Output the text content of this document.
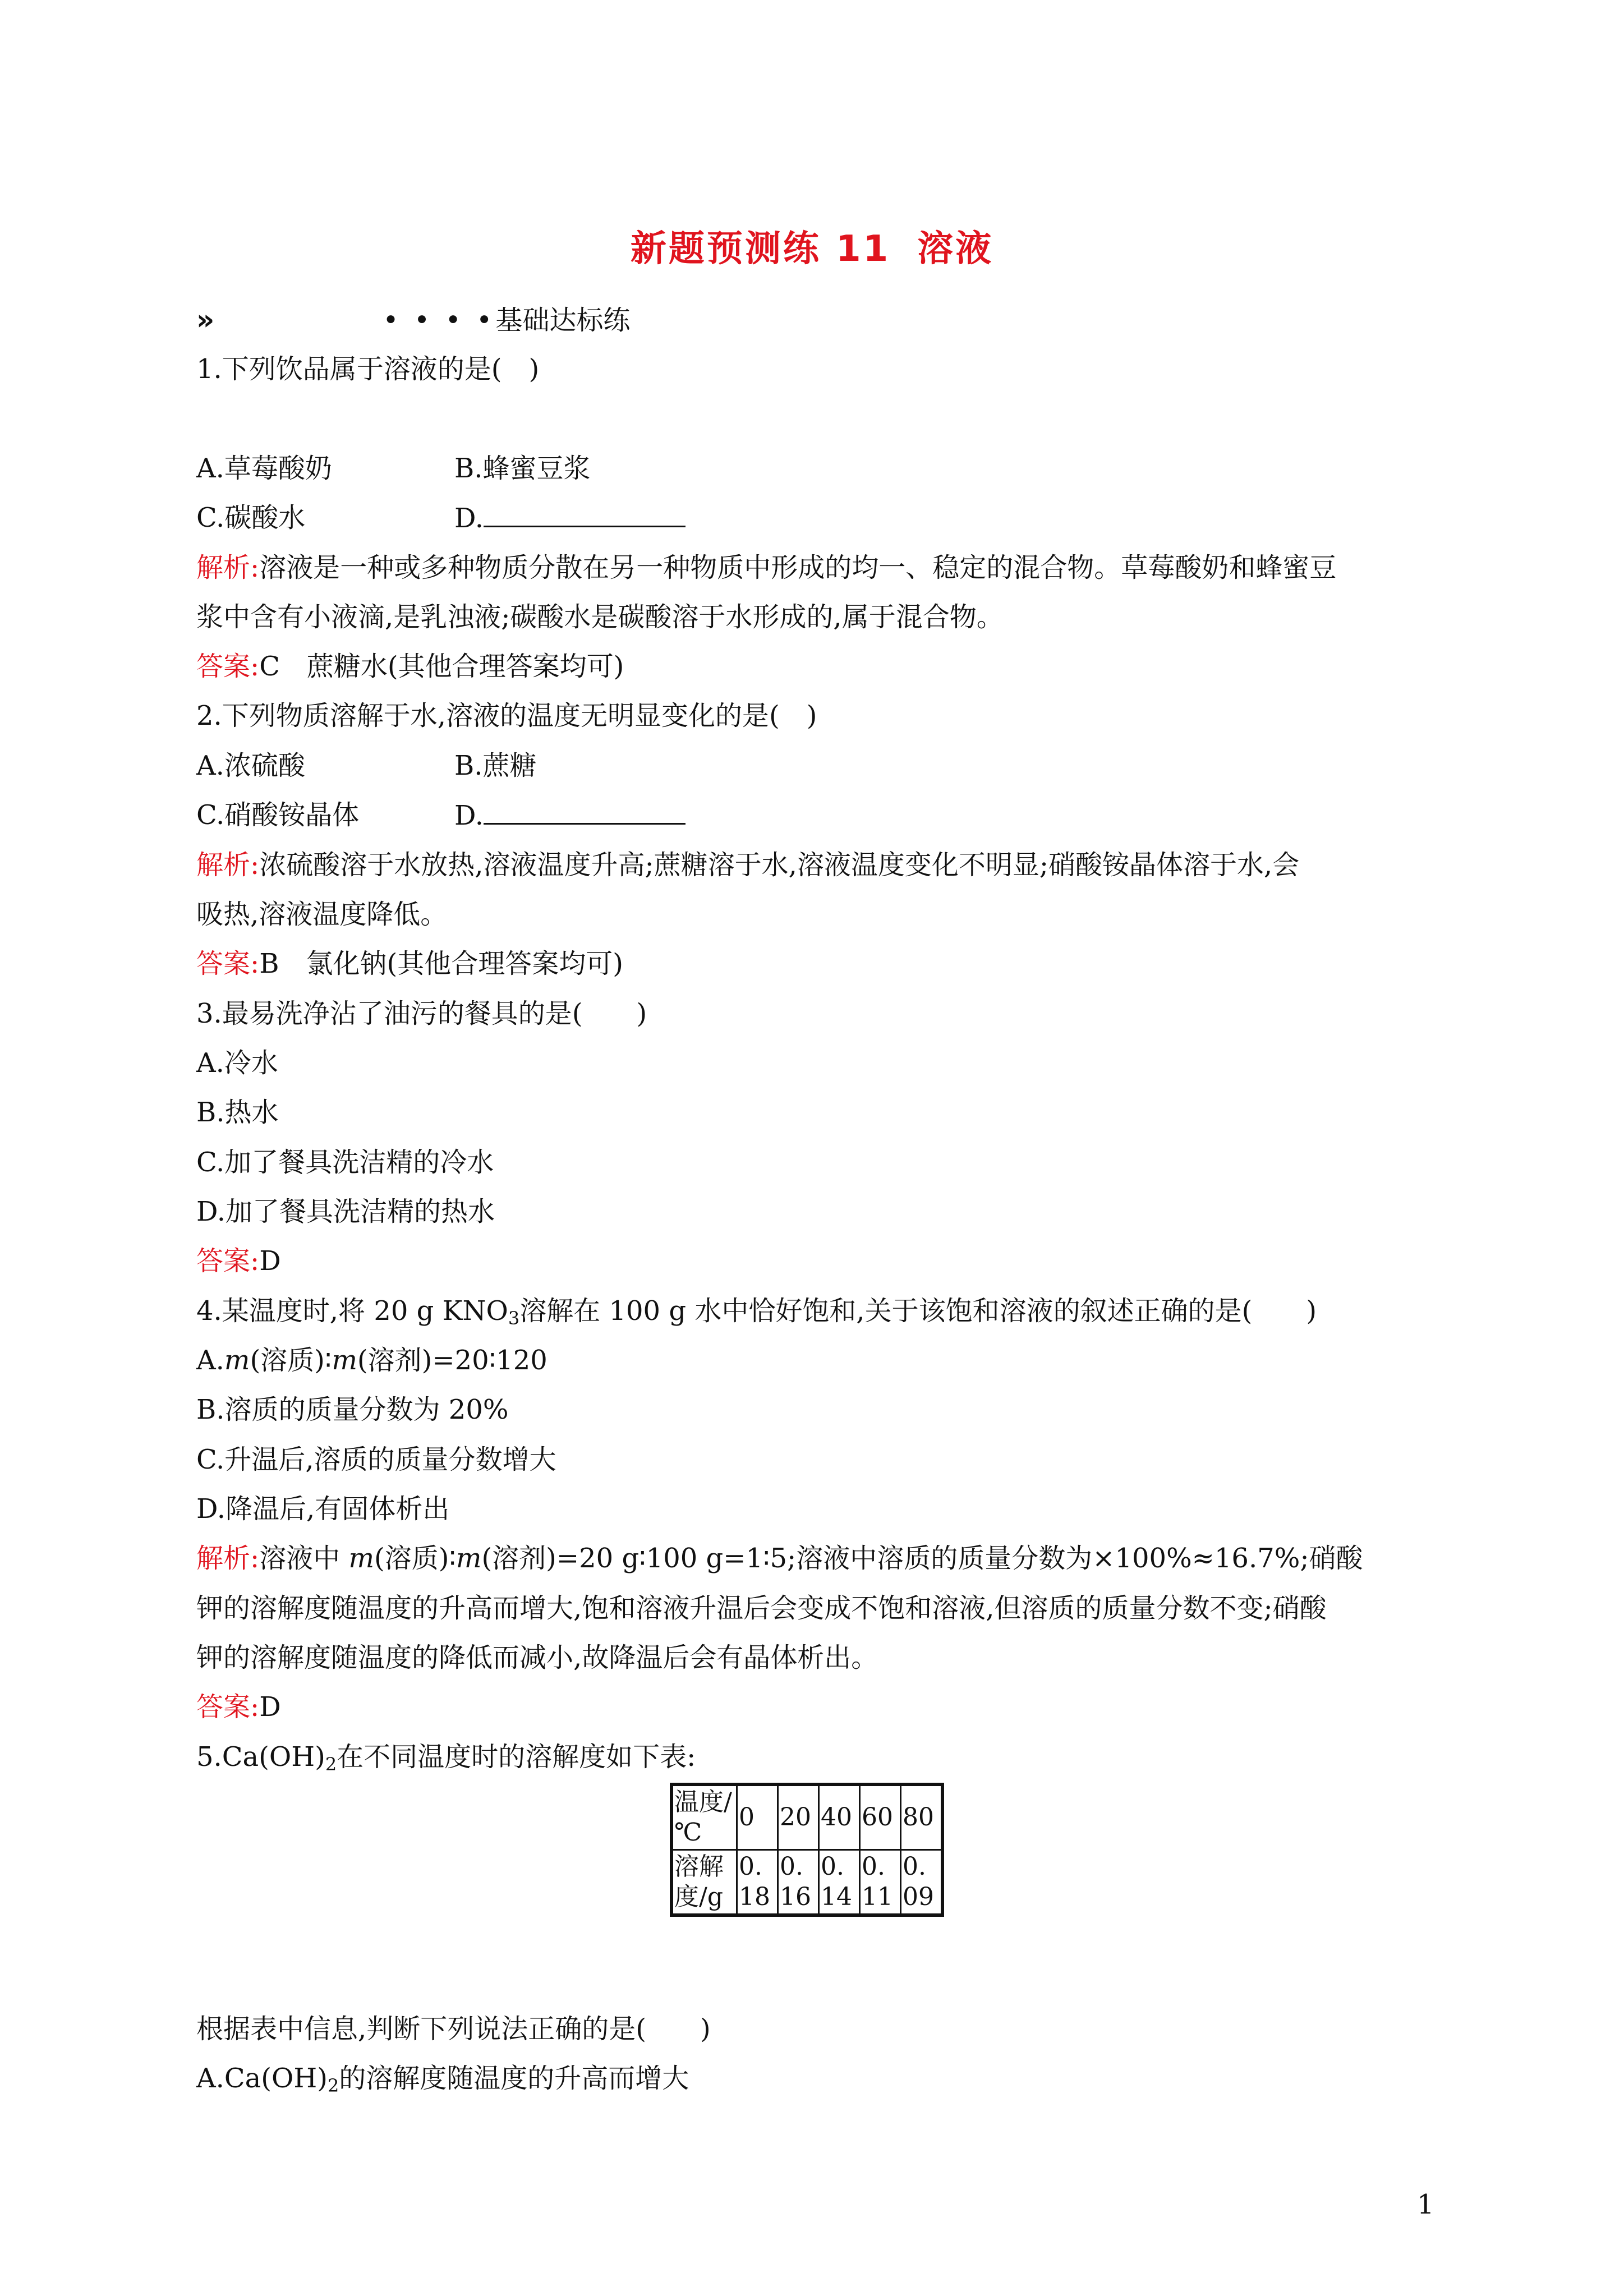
新题预测练 11 溶液
»	• • • •基础达标练
1.下列饮品属于溶液的是(　)
A.草莓酸奶	B.蜂蜜豆浆
C.碳酸水	D.
解析:溶液是一种或多种物质分散在另一种物质中形成的均一、稳定的混合物。草莓酸奶和蜂蜜豆
浆中含有小液滴,是乳浊液;碳酸水是碳酸溶于水形成的,属于混合物。
答案:C　蔗糖水(其他合理答案均可)
2.下列物质溶解于水,溶液的温度无明显变化的是(　)
A.浓硫酸	B.蔗糖
C.硝酸铵晶体	D.
解析:浓硫酸溶于水放热,溶液温度升高;蔗糖溶于水,溶液温度变化不明显;硝酸铵晶体溶于水,会
吸热,溶液温度降低。
答案:B　氯化钠(其他合理答案均可)
3.最易洗净沾了油污的餐具的是(　　)
A.冷水
B.热水
C.加了餐具洗洁精的冷水
D.加了餐具洗洁精的热水
答案:D
4.某温度时,将 20 g $KNO_3$溶解在 100 g 水中恰好饱和,关于该饱和溶液的叙述正确的是(　　)
A.m(溶质)∶m(溶剂)=20∶120
B.溶质的质量分数为 20%
C.升温后,溶质的质量分数增大
D.降温后,有固体析出
解析:溶液中 m(溶质)∶m(溶剂)=20 g∶100 g=1∶5;溶液中溶质的质量分数为×100%≈16.7%;硝酸
钾的溶解度随温度的升高而增大,饱和溶液升温后会变成不饱和溶液,但溶质的质量分数不变;硝酸
钾的溶解度随温度的降低而减小,故降温后会有晶体析出。
答案:D
$5.Ca(OH)_2$在不同温度时的溶解度如下表:
温度/℃	0	20	40	60	80
溶解度/g	0.18	0.16	0.14	0.11	0.09
根据表中信息,判断下列说法正确的是(　　)
$A.Ca(OH)_2$的溶解度随温度的升高而增大
1
